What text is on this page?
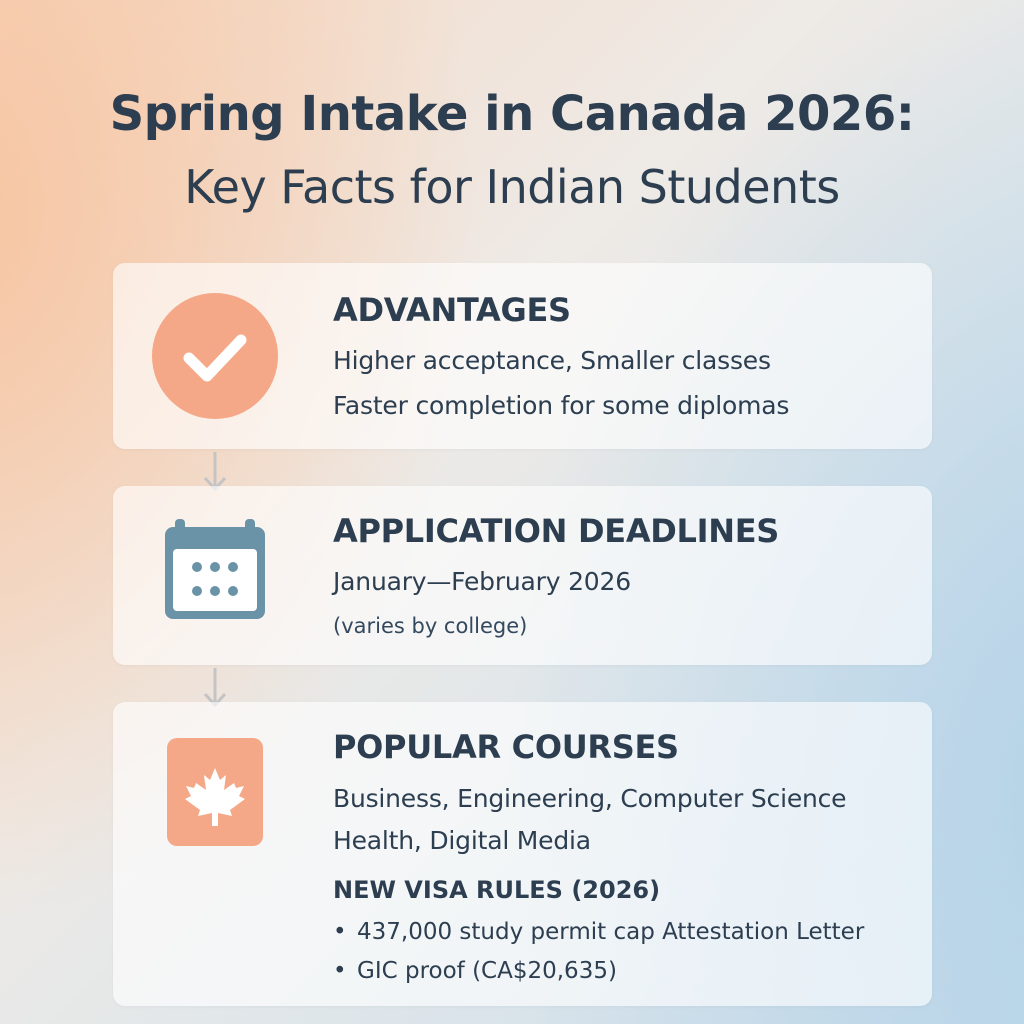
Spring Intake in Canada 2026:
Key Facts for Indian Students
ADVANTAGES

Higher acceptance, Smaller classes

Faster completion for some diplomas

APPLICATION DEADLINES

January—February 2026

(varies by college)

POPULAR COURSES

Business, Engineering, Computer Science

Health, Digital Media

NEW VISA RULES (2026)

• 437,000 study permit cap Attestation Letter

• GIC proof (CA$20,635)
